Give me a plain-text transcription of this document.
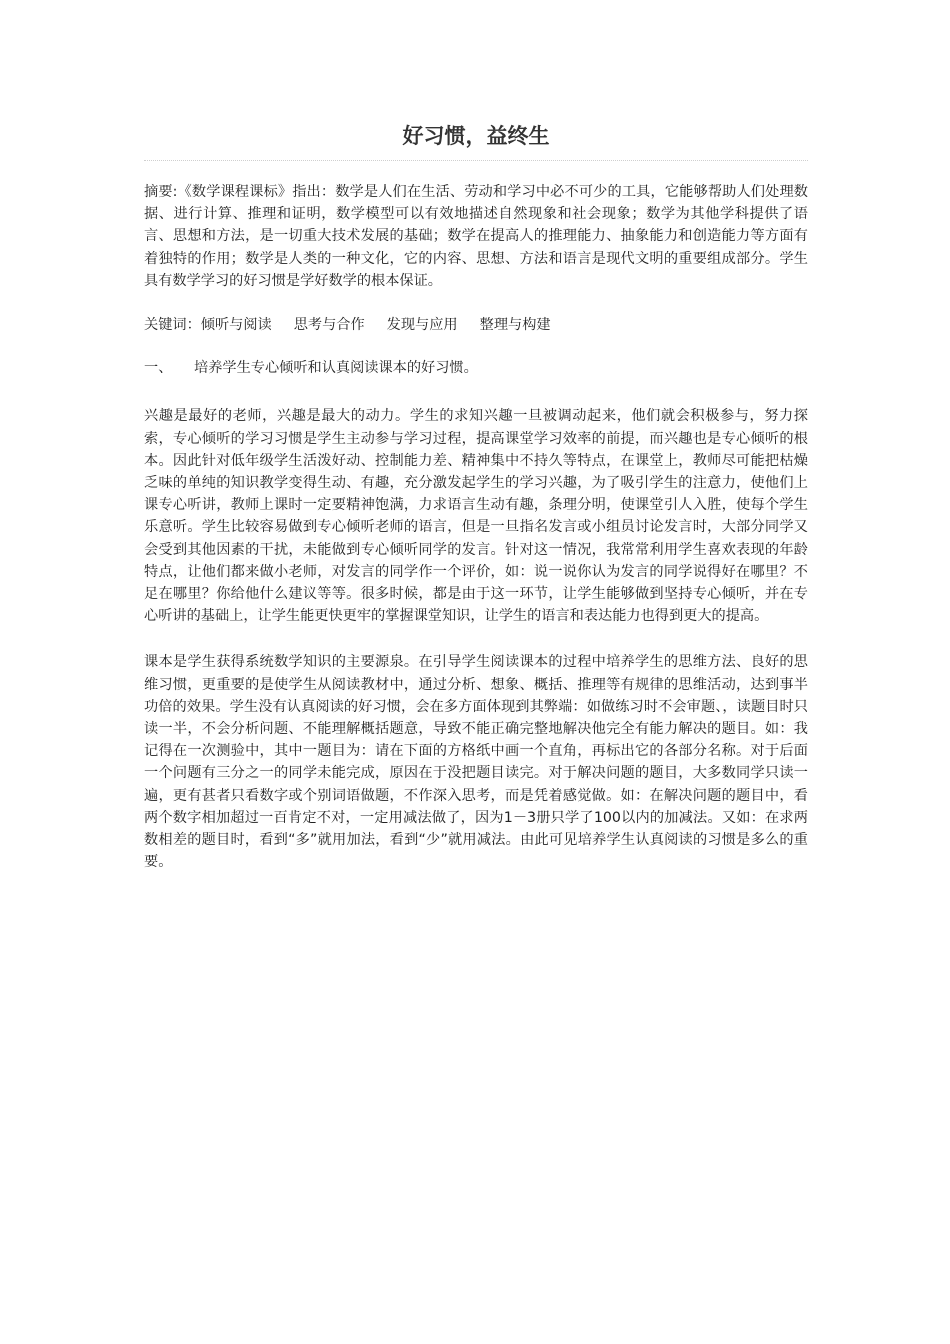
好习惯，益终生

摘要:《数学课程课标》指出：数学是人们在生活、劳动和学习中必不可少的工具，它能够帮助人们处理数据、进行计算、推理和证明，数学模型可以有效地描述自然现象和社会现象；数学为其他学科提供了语言、思想和方法，是一切重大技术发展的基础；数学在提高人的推理能力、抽象能力和创造能力等方面有着独特的作用；数学是人类的一种文化，它的内容、思想、方法和语言是现代文明的重要组成部分。学生具有数学学习的好习惯是学好数学的根本保证。

关键词：倾听与阅读 思考与合作 发现与应用 整理与构建

一、 培养学生专心倾听和认真阅读课本的好习惯。

兴趣是最好的老师，兴趣是最大的动力。学生的求知兴趣一旦被调动起来，他们就会积极参与，努力探索，专心倾听的学习习惯是学生主动参与学习过程，提高课堂学习效率的前提，而兴趣也是专心倾听的根本。因此针对低年级学生活泼好动、控制能力差、精神集中不持久等特点，在课堂上，教师尽可能把枯燥乏味的单纯的知识教学变得生动、有趣，充分激发起学生的学习兴趣，为了吸引学生的注意力，使他们上课专心听讲，教师上课时一定要精神饱满，力求语言生动有趣，条理分明，使课堂引人入胜，使每个学生乐意听。学生比较容易做到专心倾听老师的语言，但是一旦指名发言或小组员讨论发言时，大部分同学又会受到其他因素的干扰，未能做到专心倾听同学的发言。针对这一情况，我常常利用学生喜欢表现的年龄特点，让他们都来做小老师，对发言的同学作一个评价，如：说一说你认为发言的同学说得好在哪里？不足在哪里？你给他什么建议等等。很多时候，都是由于这一环节，让学生能够做到坚持专心倾听，并在专心听讲的基础上，让学生能更快更牢的掌握课堂知识，让学生的语言和表达能力也得到更大的提高。

课本是学生获得系统数学知识的主要源泉。在引导学生阅读课本的过程中培养学生的思维方法、良好的思维习惯，更重要的是使学生从阅读教材中，通过分析、想象、概括、推理等有规律的思维活动，达到事半功倍的效果。学生没有认真阅读的好习惯，会在多方面体现到其弊端：如做练习时不会审题、，读题目时只读一半，不会分析问题、不能理解概括题意，导致不能正确完整地解决他完全有能力解决的题目。如：我记得在一次测验中，其中一题目为：请在下面的方格纸中画一个直角，再标出它的各部分名称。对于后面一个问题有三分之一的同学未能完成，原因在于没把题目读完。对于解决问题的题目，大多数同学只读一遍，更有甚者只看数字或个别词语做题，不作深入思考，而是凭着感觉做。如：在解决问题的题目中，看两个数字相加超过一百肯定不对，一定用减法做了，因为1－3册只学了100以内的加减法。又如：在求两数相差的题目时，看到“多”就用加法，看到“少”就用减法。由此可见培养学生认真阅读的习惯是多么的重要。
